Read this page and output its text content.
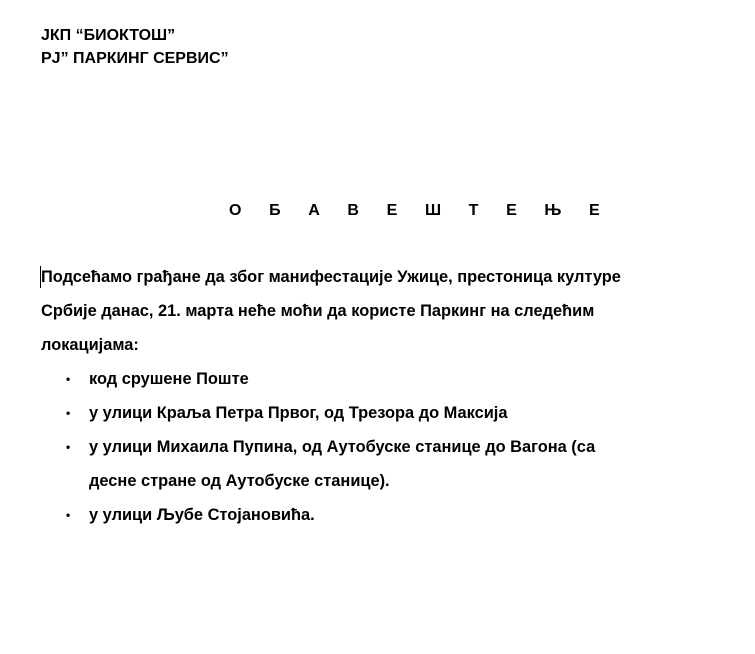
ЈКП “БИОКТОШ”
РЈ” ПАРКИНГ СЕРВИС”
О Б А В Е Ш Т Е Њ Е

Подсећамо грађане да због манифестације Ужице, престоница културе
Србије данас, 21. марта неће моћи да користе Паркинг на следећим
локацијама:

• код срушене Поште
• у улици Краља Петра Првог, од Трезора до Максија
• у улици Михаила Пупина, од Аутобуске станице до Вагона (са
десне стране од Аутобуске станице).
• у улици Љубе Стојановића.
